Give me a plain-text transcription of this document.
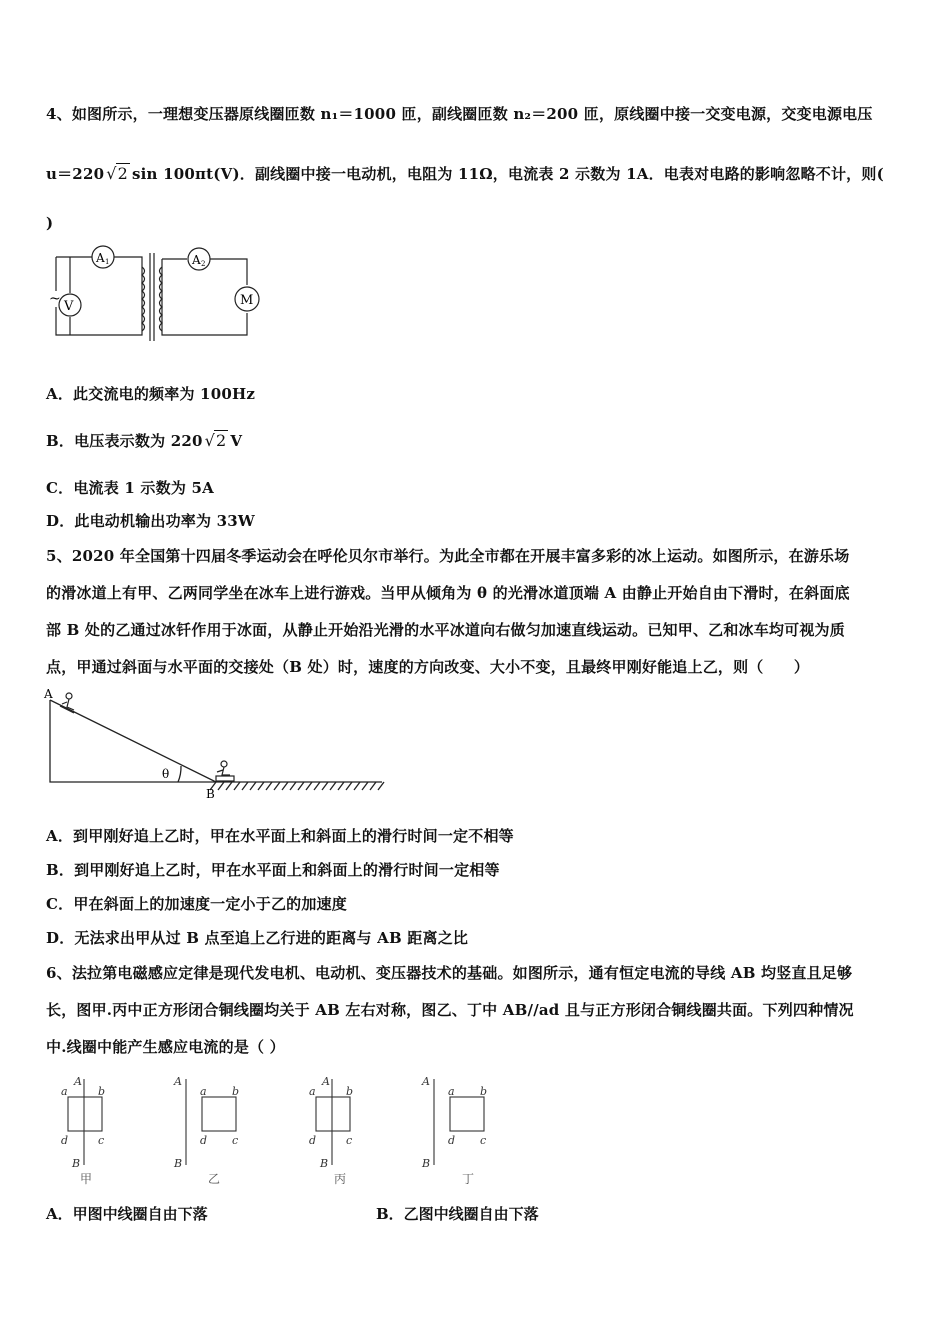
4、如图所示，一理想变压器原线圈匝数 n₁＝1000 匝，副线圈匝数 n₂＝200 匝，原线圈中接一交变电源，交变电源电压
u＝220 √2 sin 100πt(V)．副线圈中接一电动机，电阻为 11Ω，电流表 2 示数为 1A．电表对电路的影响忽略不计，则(
)
A 1	A 2
V	M
~
A．此交流电的频率为 100Hz
B．电压表示数为 220 √2 V
C．电流表 1 示数为 5A
D．此电动机输出功率为 33W
5、2020 年全国第十四届冬季运动会在呼伦贝尔市举行。为此全市都在开展丰富多彩的冰上运动。如图所示，在游乐场
的滑冰道上有甲、乙两同学坐在冰车上进行游戏。当甲从倾角为 θ 的光滑冰道顶端 A 由静止开始自由下滑时，在斜面底
部 B 处的乙通过冰钎作用于冰面，从静止开始沿光滑的水平冰道向右做匀加速直线运动。已知甲、乙和冰车均可视为质
点，甲通过斜面与水平面的交接处（B 处）时，速度的方向改变、大小不变，且最终甲刚好能追上乙，则（　　）
A
B
θ
A．到甲刚好追上乙时，甲在水平面上和斜面上的滑行时间一定不相等
B．到甲刚好追上乙时，甲在水平面上和斜面上的滑行时间一定相等
C．甲在斜面上的加速度一定小于乙的加速度
D．无法求出甲从过 B 点至追上乙行进的距离与 AB 距离之比
6、法拉第电磁感应定律是现代发电机、电动机、变压器技术的基础。如图所示，通有恒定电流的导线 AB 均竖直且足够
长，图甲.丙中正方形闭合铜线圈均关于 AB 左右对称，图乙、丁中 AB//ad 且与正方形闭合铜线圈共面。下列四种情况
中.线圈中能产生感应电流的是（ ）
a	b
c
d
A
B
甲
a b
c
d
A
B
乙
a	b
c
d
A
B
丙
a b
c
d
A
B
丁
A．甲图中线圈自由下落	B．乙图中线圈自由下落
